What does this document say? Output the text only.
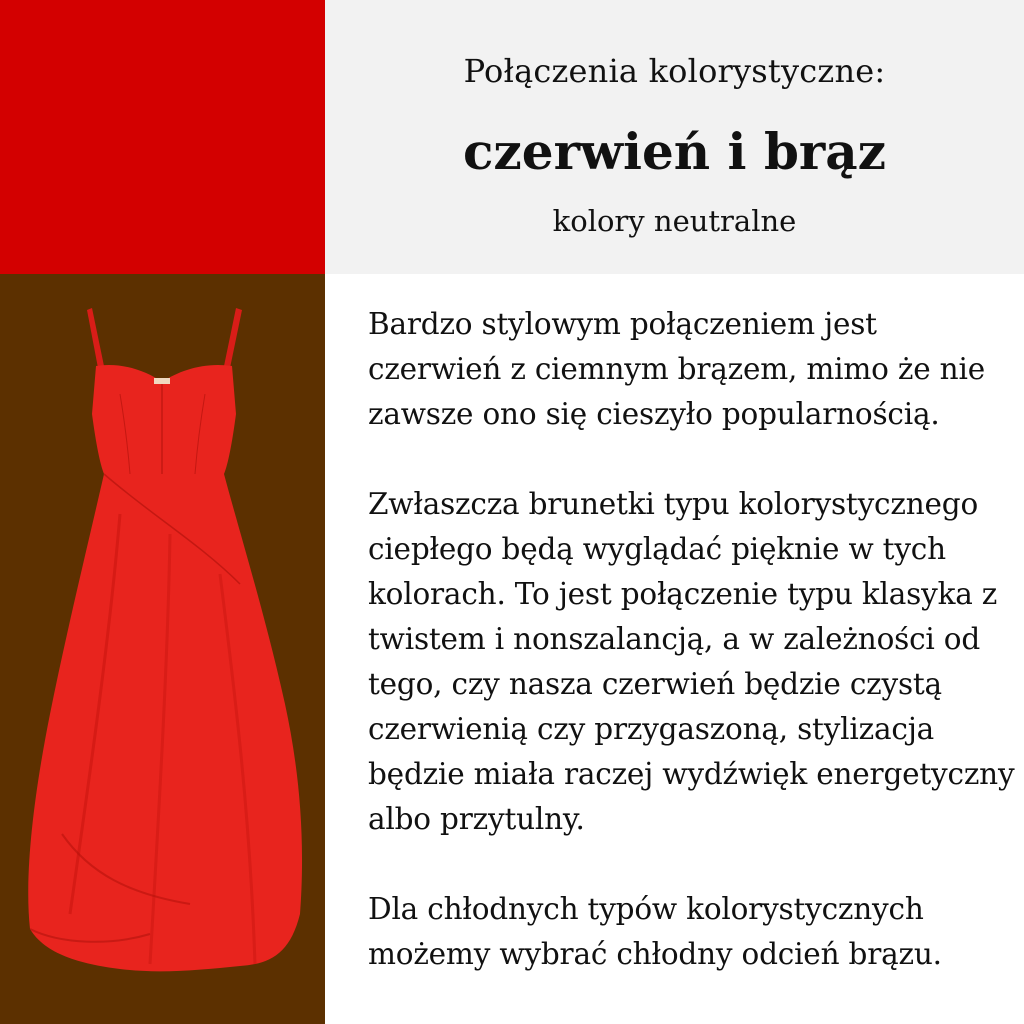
Połączenia kolorystyczne:
czerwień i brąz
kolory neutralne

Bardzo stylowym połączeniem jest czerwień z ciemnym brązem, mimo że nie zawsze ono się cieszyło popularnością.

Zwłaszcza brunetki typu kolorystycznego ciepłego będą wyglądać pięknie w tych kolorach. To jest połączenie typu klasyka z twistem i nonszalancją, a w zależności od tego, czy nasza czerwień będzie czystą czerwienią czy przygaszoną, stylizacja będzie miała raczej wydźwięk energetyczny albo przytulny.

Dla chłodnych typów kolorystycznych możemy wybrać chłodny odcień brązu.
